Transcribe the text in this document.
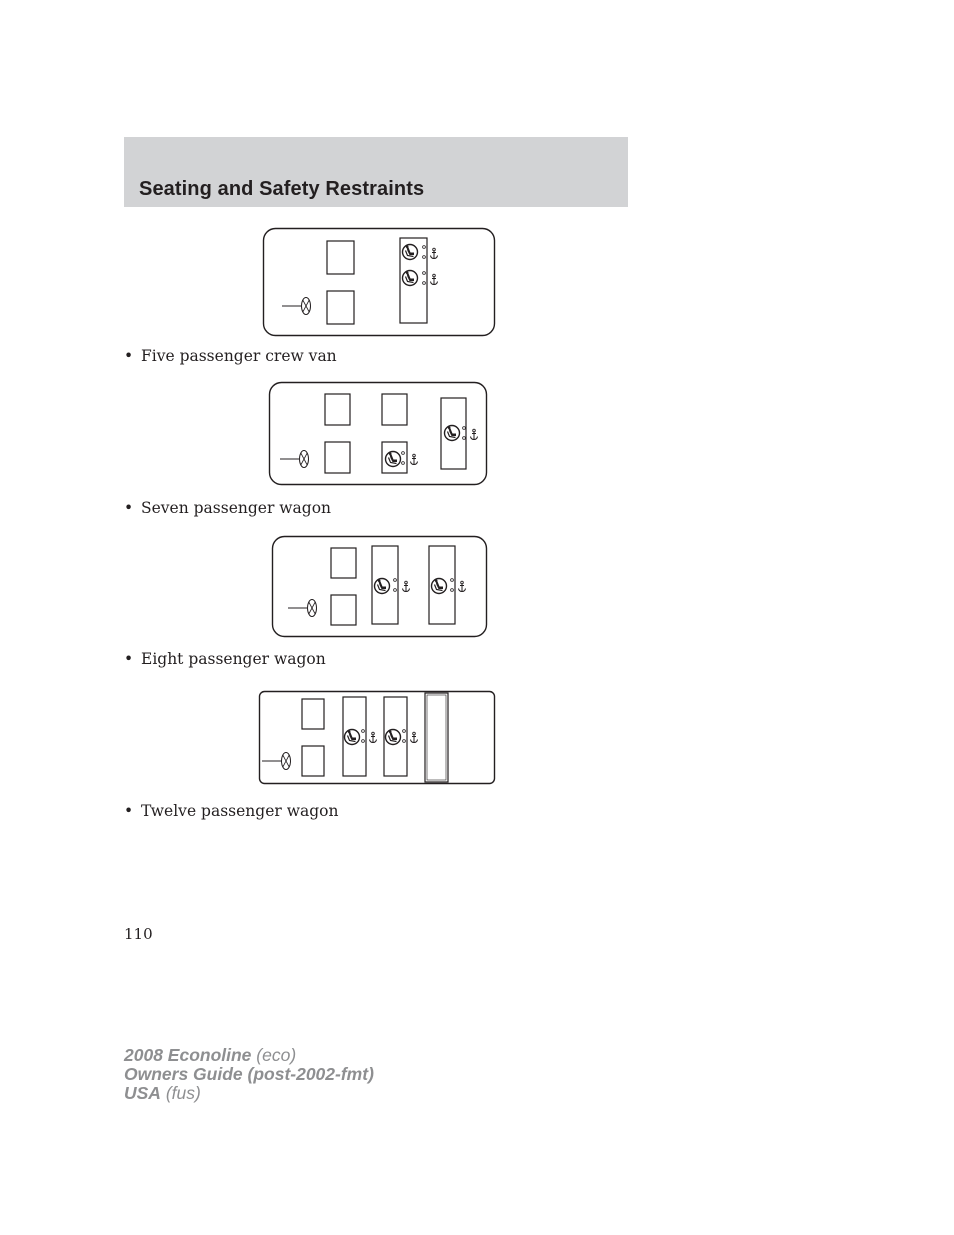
Seating and Safety Restraints
• Five passenger crew van
• Seven passenger wagon
• Eight passenger wagon
• Twelve passenger wagon
110
2008 Econoline (eco)
Owners Guide (post-2002-fmt)
USA (fus)
